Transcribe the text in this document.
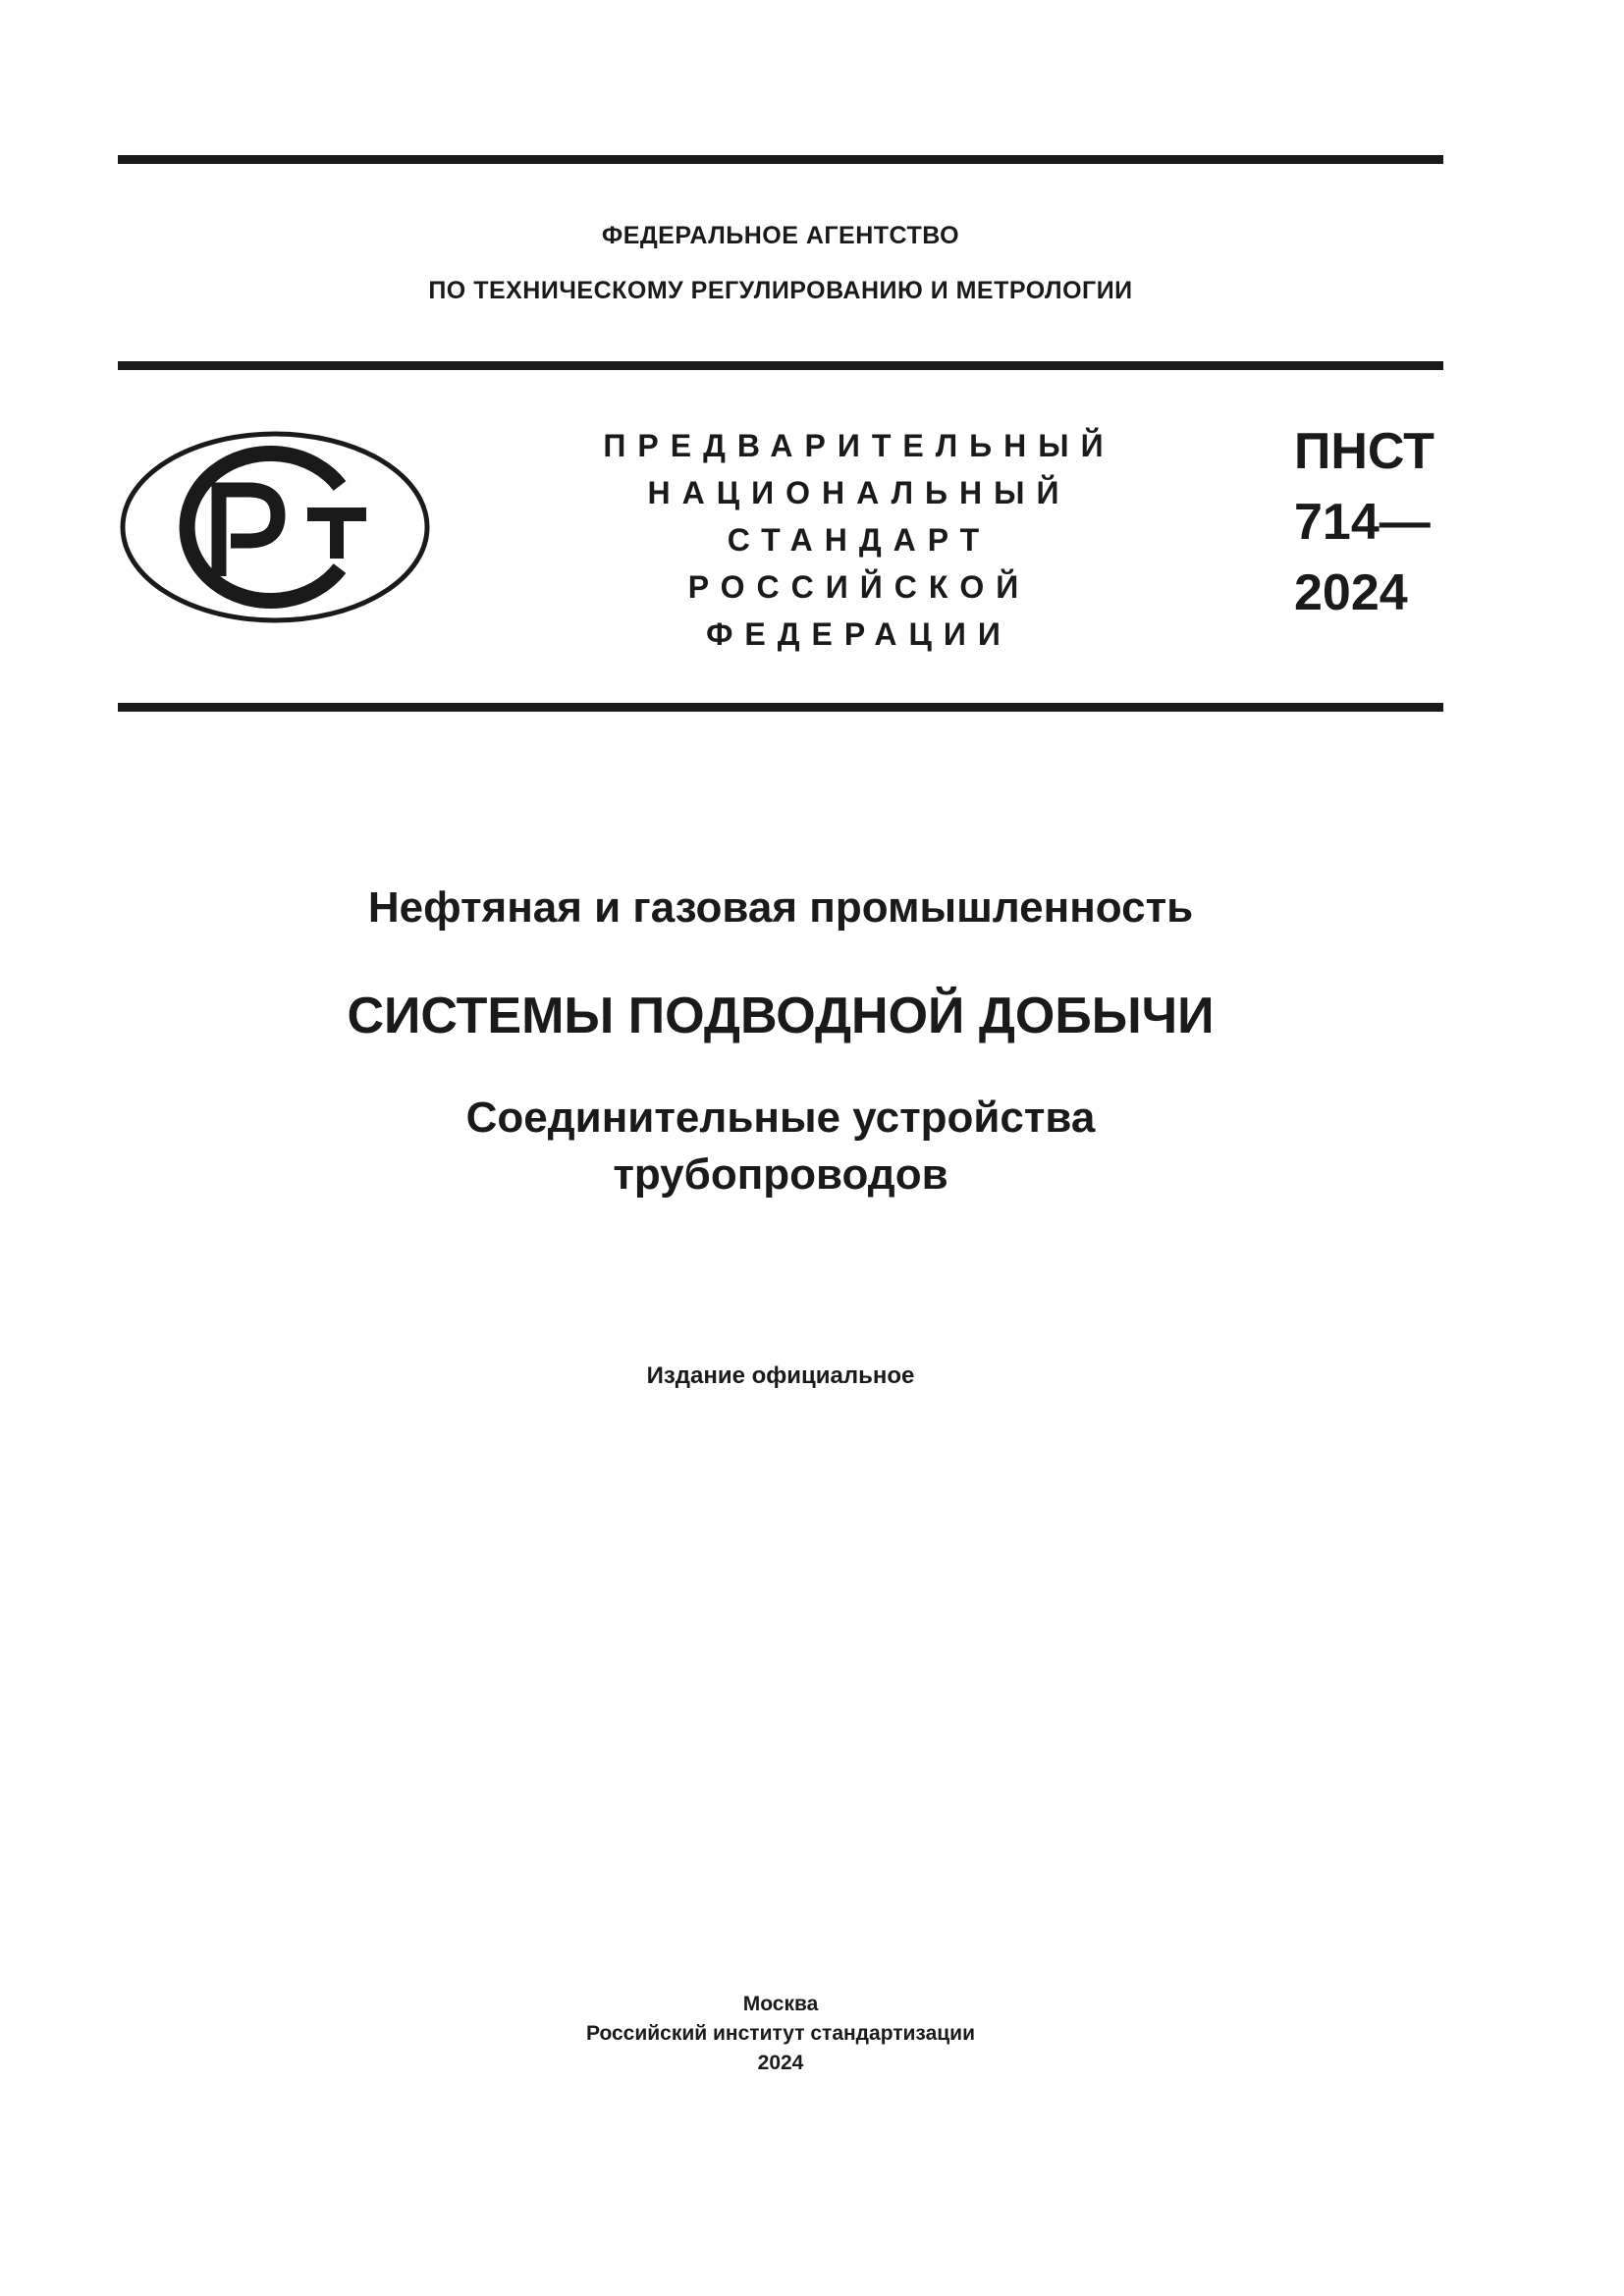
ФЕДЕРАЛЬНОЕ АГЕНТСТВО
ПО ТЕХНИЧЕСКОМУ РЕГУЛИРОВАНИЮ И МЕТРОЛОГИИ
ПРЕДВАРИТЕЛЬНЫЙ
НАЦИОНАЛЬНЫЙ
СТАНДАРТ
РОССИЙСКОЙ
ФЕДЕРАЦИИ
ПНСТ
714—
2024
Нефтяная и газовая промышленность
СИСТЕМЫ ПОДВОДНОЙ ДОБЫЧИ
Соединительные устройства
трубопроводов
Издание официальное
Москва
Российский институт стандартизации
2024
